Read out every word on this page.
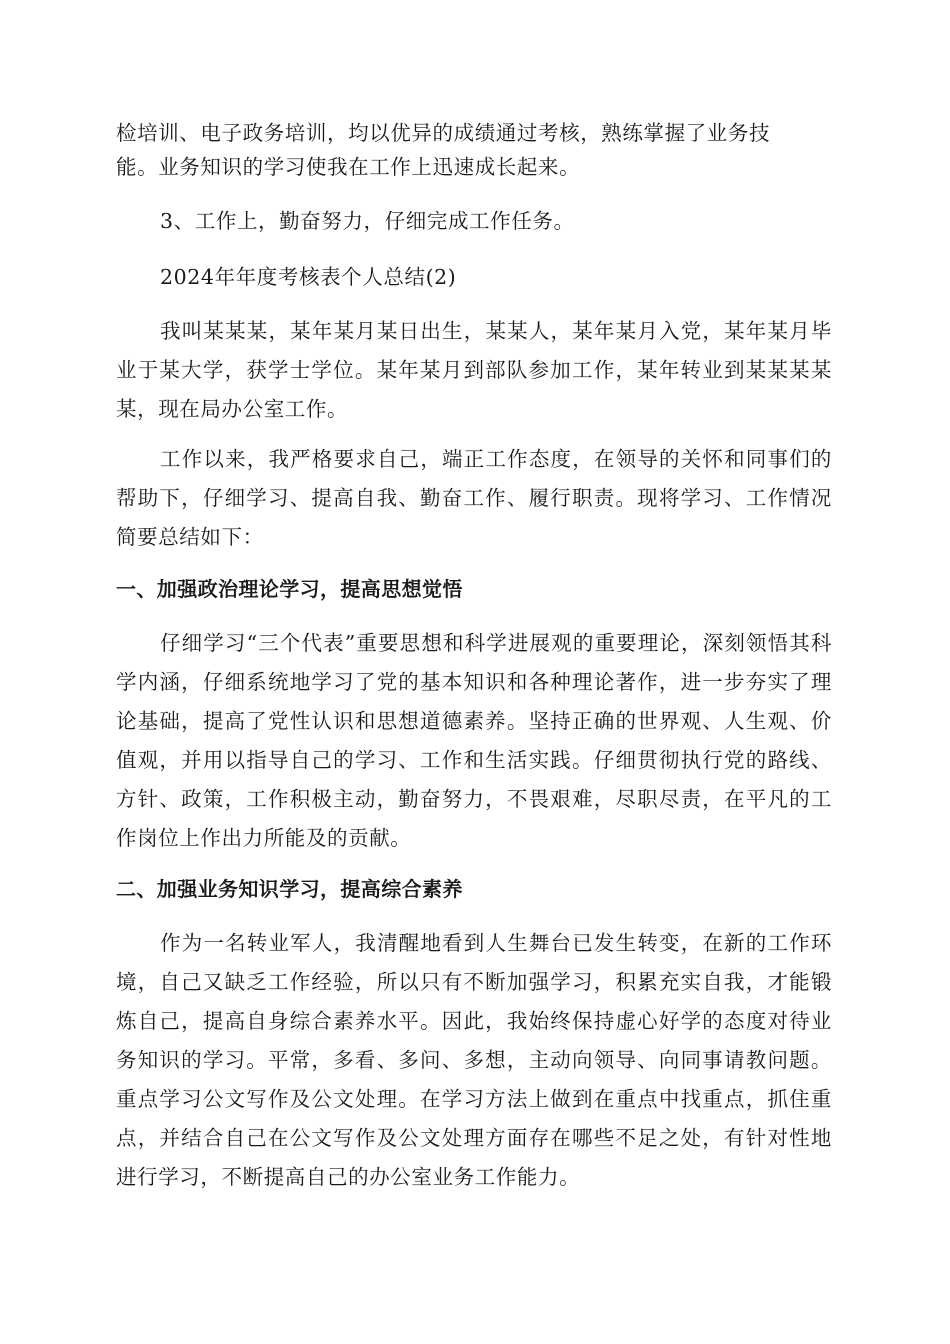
检培训、电子政务培训，均以优异的成绩通过考核，熟练掌握了业务技

能。业务知识的学习使我在工作上迅速成长起来。

3、工作上，勤奋努力，仔细完成工作任务。

2024年年度考核表个人总结(2)

我叫某某某，某年某月某日出生，某某人，某年某月入党，某年某月毕业于某大学，获学士学位。某年某月到部队参加工作，某年转业到某某某某某，现在局办公室工作。

工作以来，我严格要求自己，端正工作态度，在领导的关怀和同事们的帮助下，仔细学习、提高自我、勤奋工作、履行职责。现将学习、工作情况简要总结如下：

一、加强政治理论学习，提高思想觉悟

仔细学习“三个代表”重要思想和科学进展观的重要理论，深刻领悟其科学内涵，仔细系统地学习了党的基本知识和各种理论著作，进一步夯实了理论基础，提高了党性认识和思想道德素养。坚持正确的世界观、人生观、价值观，并用以指导自己的学习、工作和生活实践。仔细贯彻执行党的路线、方针、政策，工作积极主动，勤奋努力，不畏艰难，尽职尽责，在平凡的工作岗位上作出力所能及的贡献。

二、加强业务知识学习，提高综合素养

作为一名转业军人，我清醒地看到人生舞台已发生转变，在新的工作环境，自己又缺乏工作经验，所以只有不断加强学习，积累充实自我，才能锻炼自己，提高自身综合素养水平。因此，我始终保持虚心好学的态度对待业务知识的学习。平常，多看、多问、多想，主动向领导、向同事请教问题。重点学习公文写作及公文处理。在学习方法上做到在重点中找重点，抓住重点，并结合自己在公文写作及公文处理方面存在哪些不足之处，有针对性地进行学习，不断提高自己的办公室业务工作能力。
